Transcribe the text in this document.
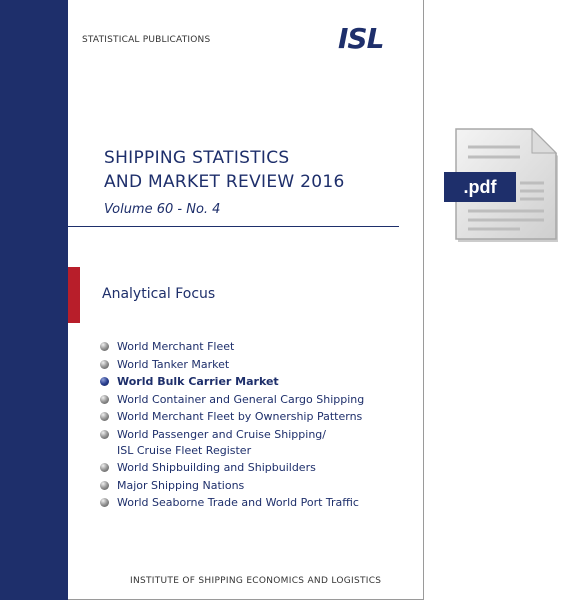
STATISTICAL PUBLICATIONS	ISL
SHIPPING STATISTICS
AND MARKET REVIEW 2016
Volume 60 - No. 4
Analytical Focus
World Merchant Fleet
World Tanker Market
World Bulk Carrier Market
World Container and General Cargo Shipping
World Merchant Fleet by Ownership Patterns
World Passenger and Cruise Shipping/
ISL Cruise Fleet Register
World Shipbuilding and Shipbuilders
Major Shipping Nations
World Seaborne Trade and World Port Traffic
INSTITUTE OF SHIPPING ECONOMICS AND LOGISTICS
.pdf
